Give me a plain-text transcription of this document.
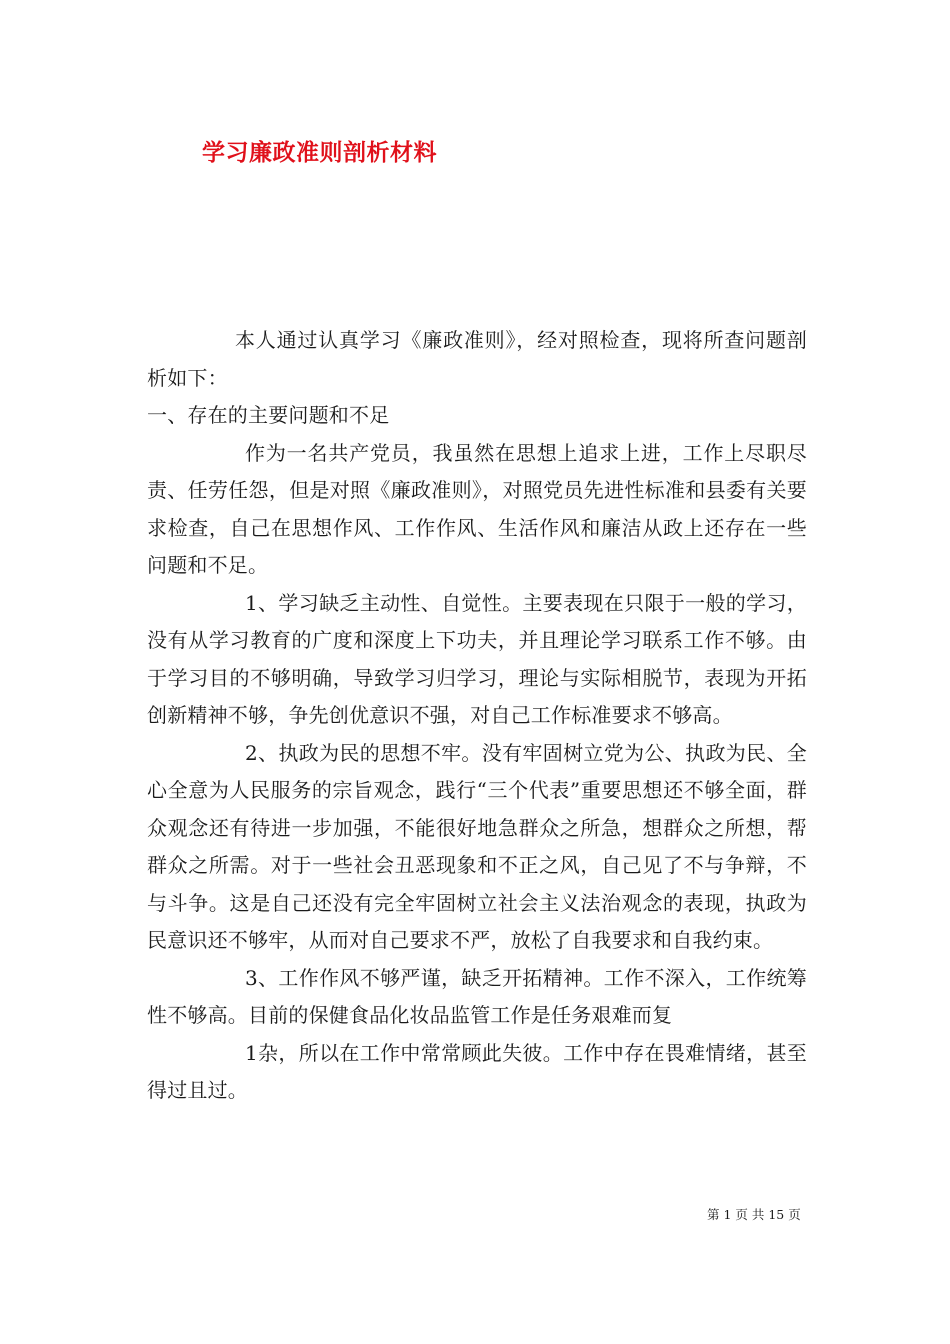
学习廉政准则剖析材料

本人通过认真学习《廉政准则》，经对照检查，现将所查问题剖析如下：

一、存在的主要问题和不足

作为一名共产党员，我虽然在思想上追求上进，工作上尽职尽责、任劳任怨，但是对照《廉政准则》，对照党员先进性标准和县委有关要求检查，自己在思想作风、工作作风、生活作风和廉洁从政上还存在一些问题和不足。

1、学习缺乏主动性、自觉性。主要表现在只限于一般的学习，没有从学习教育的广度和深度上下功夫，并且理论学习联系工作不够。由于学习目的不够明确，导致学习归学习，理论与实际相脱节，表现为开拓创新精神不够，争先创优意识不强，对自己工作标准要求不够高。

2、执政为民的思想不牢。没有牢固树立党为公、执政为民、全心全意为人民服务的宗旨观念，践行“三个代表”重要思想还不够全面，群众观念还有待进一步加强，不能很好地急群众之所急，想群众之所想，帮群众之所需。对于一些社会丑恶现象和不正之风，自己见了不与争辩，不与斗争。这是自己还没有完全牢固树立社会主义法治观念的表现，执政为民意识还不够牢，从而对自己要求不严，放松了自我要求和自我约束。

3、工作作风不够严谨，缺乏开拓精神。工作不深入，工作统筹性不够高。目前的保健食品化妆品监管工作是任务艰难而复

1杂，所以在工作中常常顾此失彼。工作中存在畏难情绪，甚至得过且过。

第 1 页 共 15 页
